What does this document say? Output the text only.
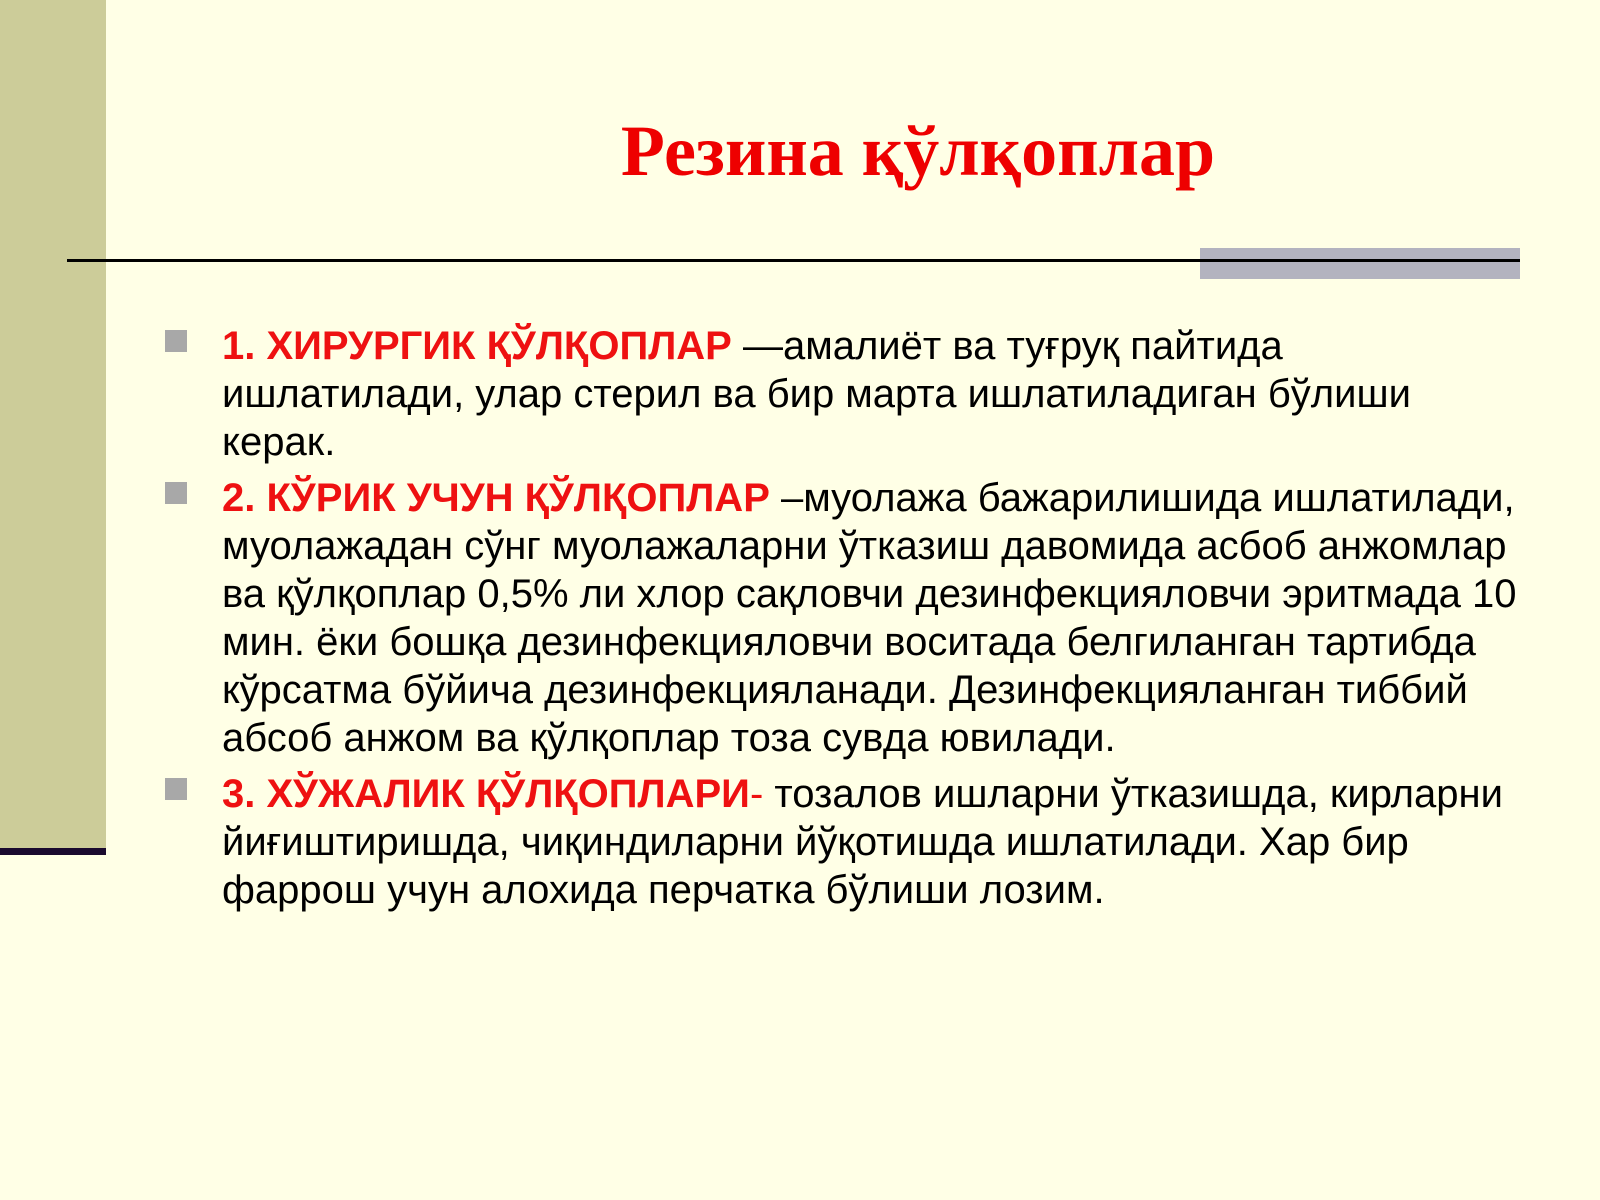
Резина қўлқоплар
1. ХИРУРГИК ҚЎЛҚОПЛАР —амалиёт ва туғруқ пайтида ишлатилади, улар стерил ва бир марта ишлатиладиган бўлиши керак.
2. КЎРИК УЧУН ҚЎЛҚОПЛАР –муолажа бажарилишида ишлатилади, муолажадан сўнг муолажаларни ўтказиш давомида асбоб анжомлар ва қўлқоплар 0,5% ли хлор сақловчи дезинфекцияловчи эритмада 10 мин. ёки бошқа дезинфекцияловчи воситада белгиланган тартибда кўрсатма бўйича дезинфекцияланади. Дезинфекцияланган тиббий абсоб анжом ва қўлқоплар тоза сувда ювилади.
3. ХЎЖАЛИК ҚЎЛҚОПЛАРИ- тозалов ишларни ўтказишда, кирларни йиғиштиришда, чиқиндиларни йўқотишда ишлатилади. Хар бир фаррош учун алохида перчатка бўлиши лозим.
